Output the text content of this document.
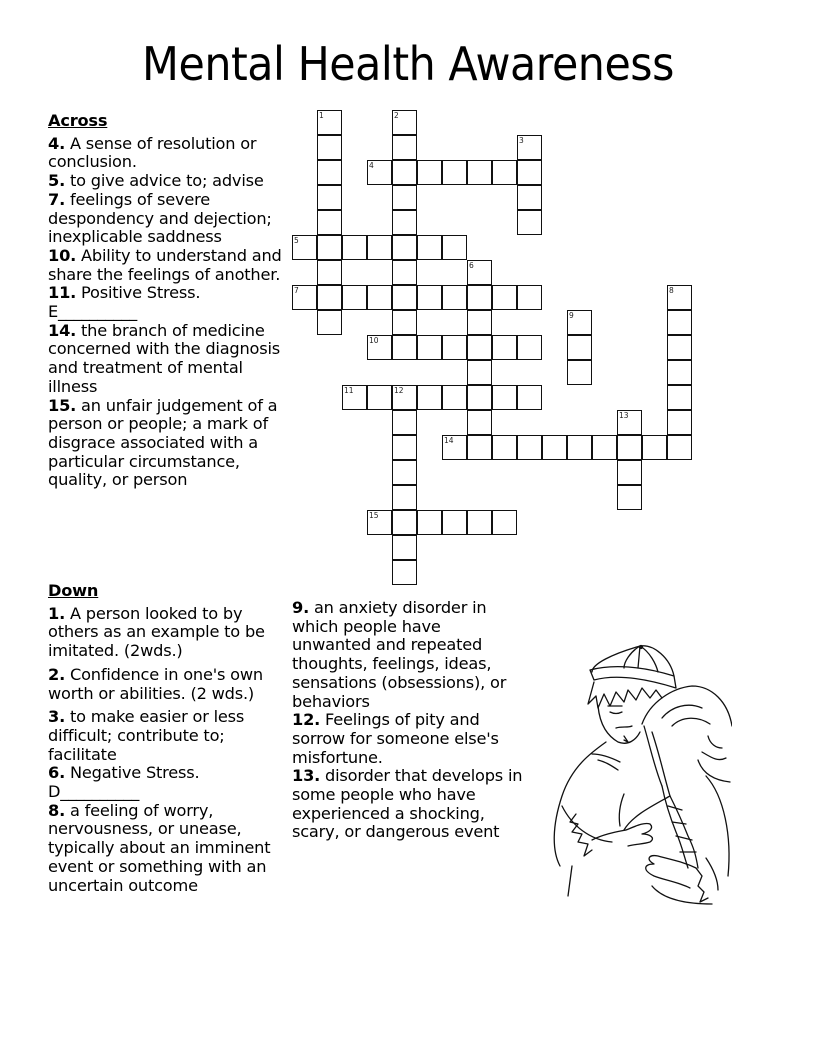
Mental Health Awareness
Across
4. A sense of resolution or conclusion.
5. to give advice to; advise
7. feelings of severe despondency and dejection; inexplicable saddness
10. Ability to understand and share the feelings of another.
11. Positive Stress. E__________
14. the branch of medicine concerned with the diagnosis and treatment of mental illness
15. an unfair judgement of a person or people; a mark of disgrace associated with a particular circumstance, quality, or person
Down
1. A person looked to by others as an example to be imitated. (2wds.)
2. Confidence in one's own worth or abilities. (2 wds.)
3. to make easier or less difficult; contribute to; facilitate
6. Negative Stress. D__________
8. a feeling of worry, nervousness, or unease, typically about an imminent event or something with an uncertain outcome
9. an anxiety disorder in which people have unwanted and repeated thoughts, feelings, ideas, sensations (obsessions), or behaviors
12. Feelings of pity and sorrow for someone else's misfortune.
13. disorder that develops in some people who have experienced a shocking, scary, or dangerous event
1	2
3
4
5
6
7	8
9
10
11	12
13
14
15
